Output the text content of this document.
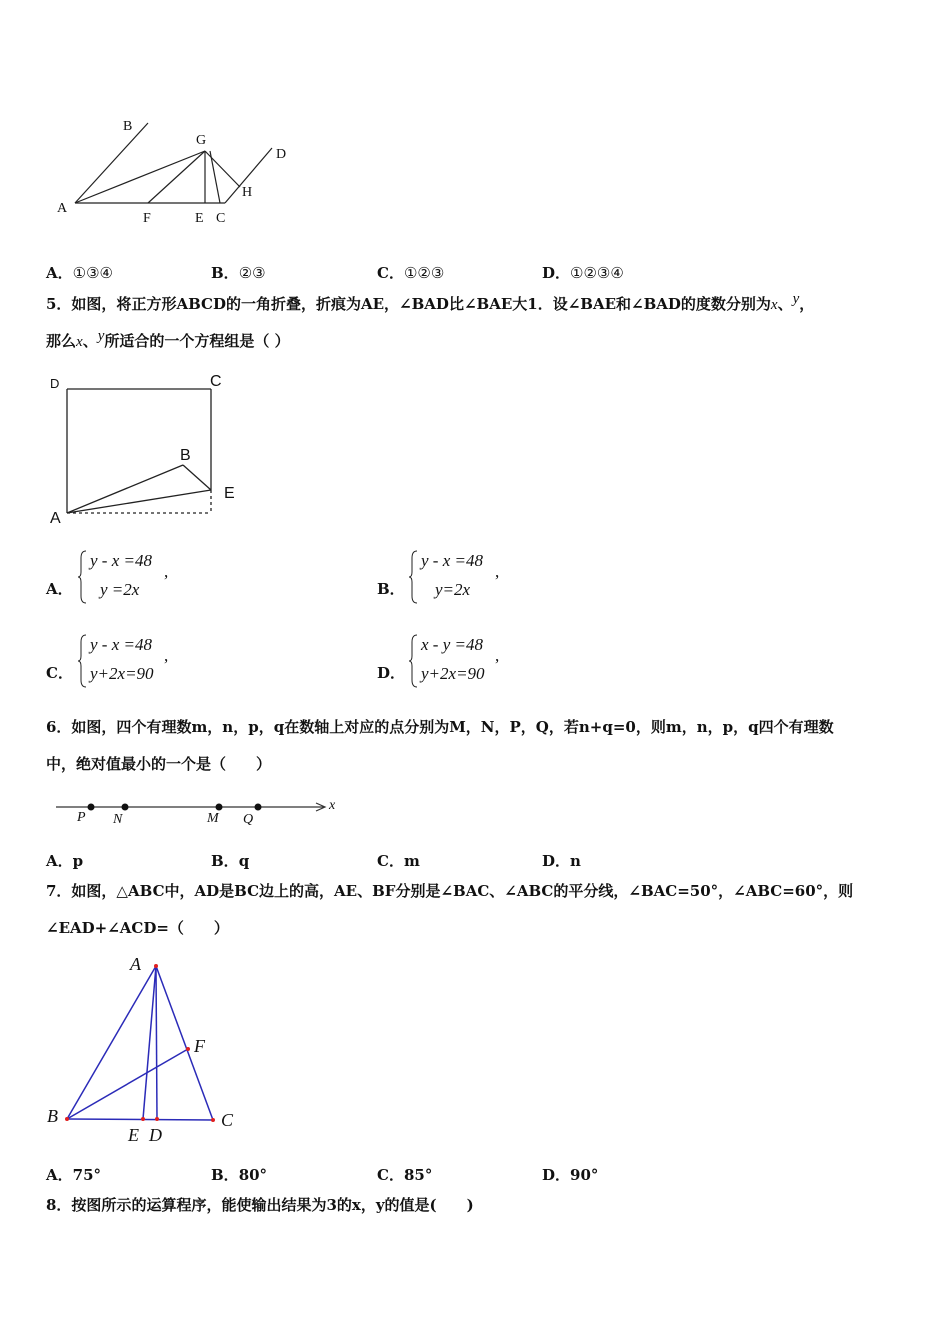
A
B
G
D
H
F	E C
A．①③④	B．②③	C．①②③	D．①②③④
5．如图，将正方形ABCD的一角折叠，折痕为AE，∠BAD比∠BAE大1．设∠BAE和∠BAD的度数分别为x、y，
那么x、y所适合的一个方程组是（ ）
D	C
B
E
A
A．
y - x =48
y =2x
,
B．
y - x =48
y=2x
,
C．
y - x =48
y+2x=90
,
D．
x - y =48
y+2x=90
,
6．如图，四个有理数m，n，p，q在数轴上对应的点分别为M，N，P，Q，若n+q=0，则m，n，p，q四个有理数
中，绝对值最小的一个是（　　）
P N	M Q
x
A．p	B．q	C．m	D．n
7．如图，△ABC中，AD是BC边上的高，AE、BF分别是∠BAC、∠ABC的平分线，∠BAC=50°，∠ABC=60°，则
∠EAD+∠ACD=（　　）
A
F
B
E D
C
A．75°	B．80°	C．85°	D．90°
8．按图所示的运算程序，能使输出结果为3的x，y的值是(　　)
